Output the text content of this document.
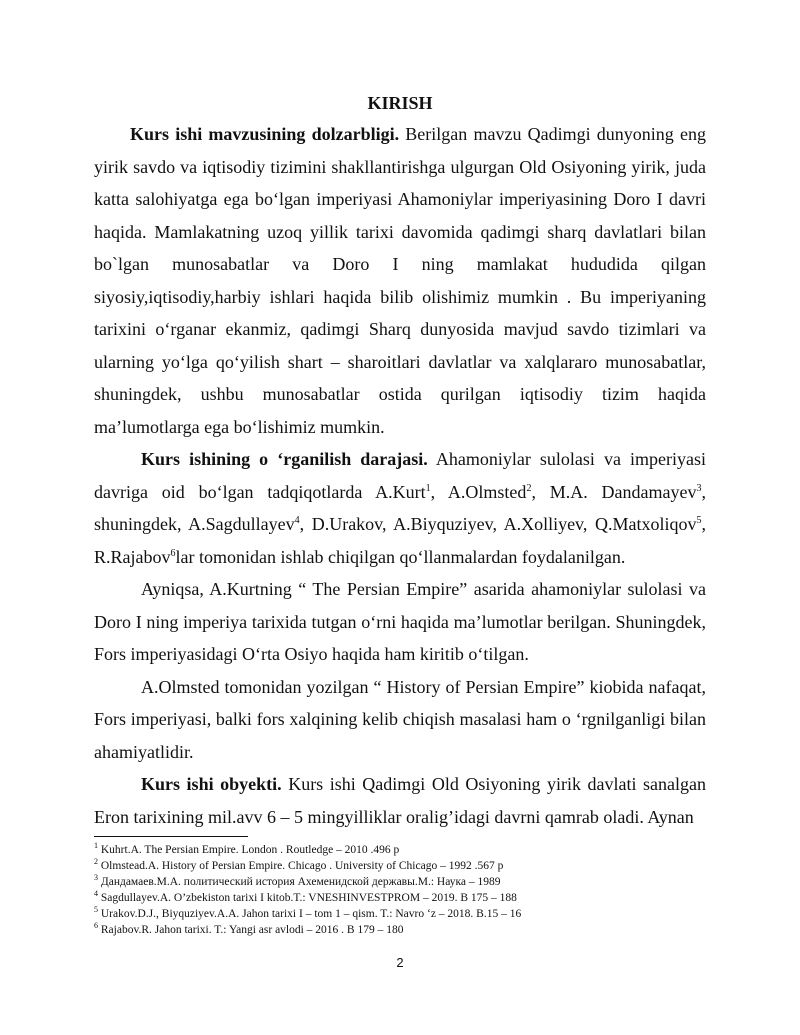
KIRISH

Kurs ishi mavzusining dolzarbligi. Berilgan mavzu Qadimgi dunyoning eng yirik savdo va iqtisodiy tizimini shakllantirishga ulgurgan Old Osiyoning yirik, juda katta salohiyatga ega bo‘lgan imperiyasi Ahamoniylar imperiyasining Doro I davri haqida. Mamlakatning uzoq yillik tarixi davomida qadimgi sharq davlatlari bilan bo`lgan munosabatlar va Doro I ning mamlakat hududida qilgan siyosiy,iqtisodiy,harbiy ishlari haqida bilib olishimiz mumkin . Bu imperiyaning tarixini o‘rganar ekanmiz, qadimgi Sharq dunyosida mavjud savdo tizimlari va ularning yo‘lga qo‘yilish shart – sharoitlari davlatlar va xalqlararo munosabatlar, shuningdek, ushbu munosabatlar ostida qurilgan iqtisodiy tizim haqida ma’lumotlarga ega bo‘lishimiz mumkin.

Kurs ishining o ‘rganilish darajasi. Ahamoniylar sulolasi va imperiyasi davriga oid bo‘lgan tadqiqotlarda A.Kurt$^1$, A.Olmsted$^2$, M.A. Dandamayev$^3$, shuningdek, A.Sagdullayev$^4$, D.Urakov, A.Biyquziyev, A.Xolliyev, Q.Matxoliqov$^5$, R.Rajabov$^6$lar tomonidan ishlab chiqilgan qo‘llanmalardan foydalanilgan.

Ayniqsa, A.Kurtning “ The Persian Empire” asarida ahamoniylar sulolasi va Doro I ning imperiya tarixida tutgan o‘rni haqida ma’lumotlar berilgan. Shuningdek, Fors imperiyasidagi O‘rta Osiyo haqida ham kiritib o‘tilgan.

A.Olmsted tomonidan yozilgan “ History of Persian Empire” kiobida nafaqat, Fors imperiyasi, balki fors xalqining kelib chiqish masalasi ham o ‘rgnilganligi bilan ahamiyatlidir.

Kurs ishi obyekti. Kurs ishi Qadimgi Old Osiyoning yirik davlati sanalgan Eron tarixining mil.avv 6 – 5 mingyilliklar oralig’idagi davrni qamrab oladi. Aynan

$^1$ Kuhrt.A. The Persian Empire. London . Routledge – 2010 .496 p
$^2$ Olmstead.A. History of Persian Empire. Chicago . University of Chicago – 1992 .567 p
$^3$ Дандамаев.М.А. политический история Ахеменидской державы.М.: Наука – 1989
$^4$ Sagdullayev.A. O’zbekiston tarixi I kitob.T.: VNESHINVESTPROM – 2019. B 175 – 188
$^5$ Urakov.D.J., Biyquziyev.A.A. Jahon tarixi I – tom 1 – qism. T.: Navro ‘z – 2018. B.15 – 16
$^6$ Rajabov.R. Jahon tarixi. T.: Yangi asr avlodi – 2016 . B 179 – 180
2
